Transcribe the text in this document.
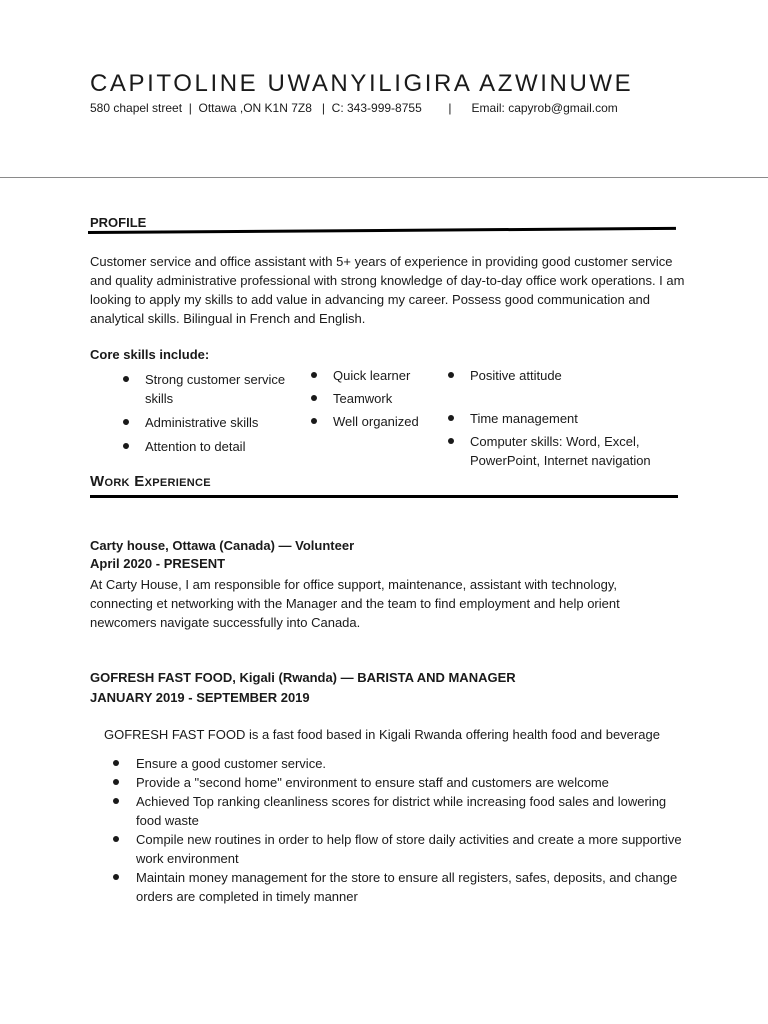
CAPITOLINE UWANYILIGIRA AZWINUWE
580 chapel street  |  Ottawa ,ON K1N 7Z8   |  C: 343-999-8755        |      Email: capyrob@gmail.com
PROFILE
Customer service and office assistant with 5+ years of experience in providing good customer service and quality administrative professional with strong knowledge of day-to-day office work operations. I am looking to apply my skills to add value in advancing my career. Possess good communication and analytical skills. Bilingual in French and English.
Core skills include:
Strong customer service skills
Administrative skills
Attention to detail
Quick learner
Teamwork
Well organized
Positive attitude
Time management
Computer skills: Word, Excel, PowerPoint, Internet navigation
Work Experience
Carty house, Ottawa (Canada) — Volunteer
April 2020 - PRESENT
At Carty House, I am responsible for office support, maintenance, assistant with technology, connecting et networking with the Manager and the team to find employment and help orient newcomers navigate successfully into Canada.
GOFRESH FAST FOOD, Kigali (Rwanda) — BARISTA AND MANAGER
JANUARY 2019 - SEPTEMBER 2019
GOFRESH FAST FOOD is a fast food based in Kigali Rwanda offering health food and beverage
Ensure a good customer service.
Provide a "second home" environment to ensure staff and customers are welcome
Achieved Top ranking cleanliness scores for district while increasing food sales and lowering food waste
Compile new routines in order to help flow of store daily activities and create a more supportive work environment
Maintain money management for the store to ensure all registers, safes, deposits, and change orders are completed in timely manner
